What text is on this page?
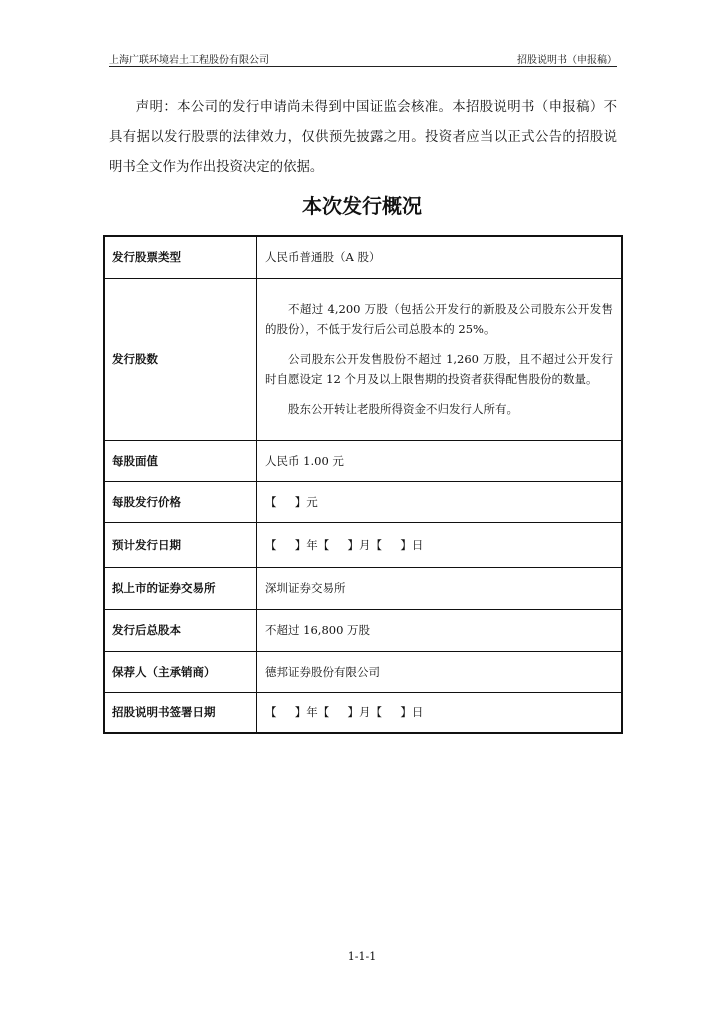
上海广联环境岩土工程股份有限公司	招股说明书（申报稿）

声明：本公司的发行申请尚未得到中国证监会核准。本招股说明书（申报稿）不具有据以发行股票的法律效力，仅供预先披露之用。投资者应当以正式公告的招股说明书全文作为作出投资决定的依据。

本次发行概况
发行股票类型	人民币普通股（A 股）
发行股数	不超过 4,200 万股（包括公开发行的新股及公司股东公开发售的股份），不低于发行后公司总股本的 25%。

公司股东公开发售股份不超过 1,260 万股，且不超过公开发行时自愿设定 12 个月及以上限售期的投资者获得配售股份的数量。

股东公开转让老股所得资金不归发行人所有。

每股面值	人民币 1.00 元
每股发行价格	【     】元
预计发行日期	【     】年【     】月【     】日
拟上市的证券交易所	深圳证券交易所
发行后总股本	不超过 16,800 万股
保荐人（主承销商）	德邦证券股份有限公司
招股说明书签署日期	【     】年【     】月【     】日
1-1-1
